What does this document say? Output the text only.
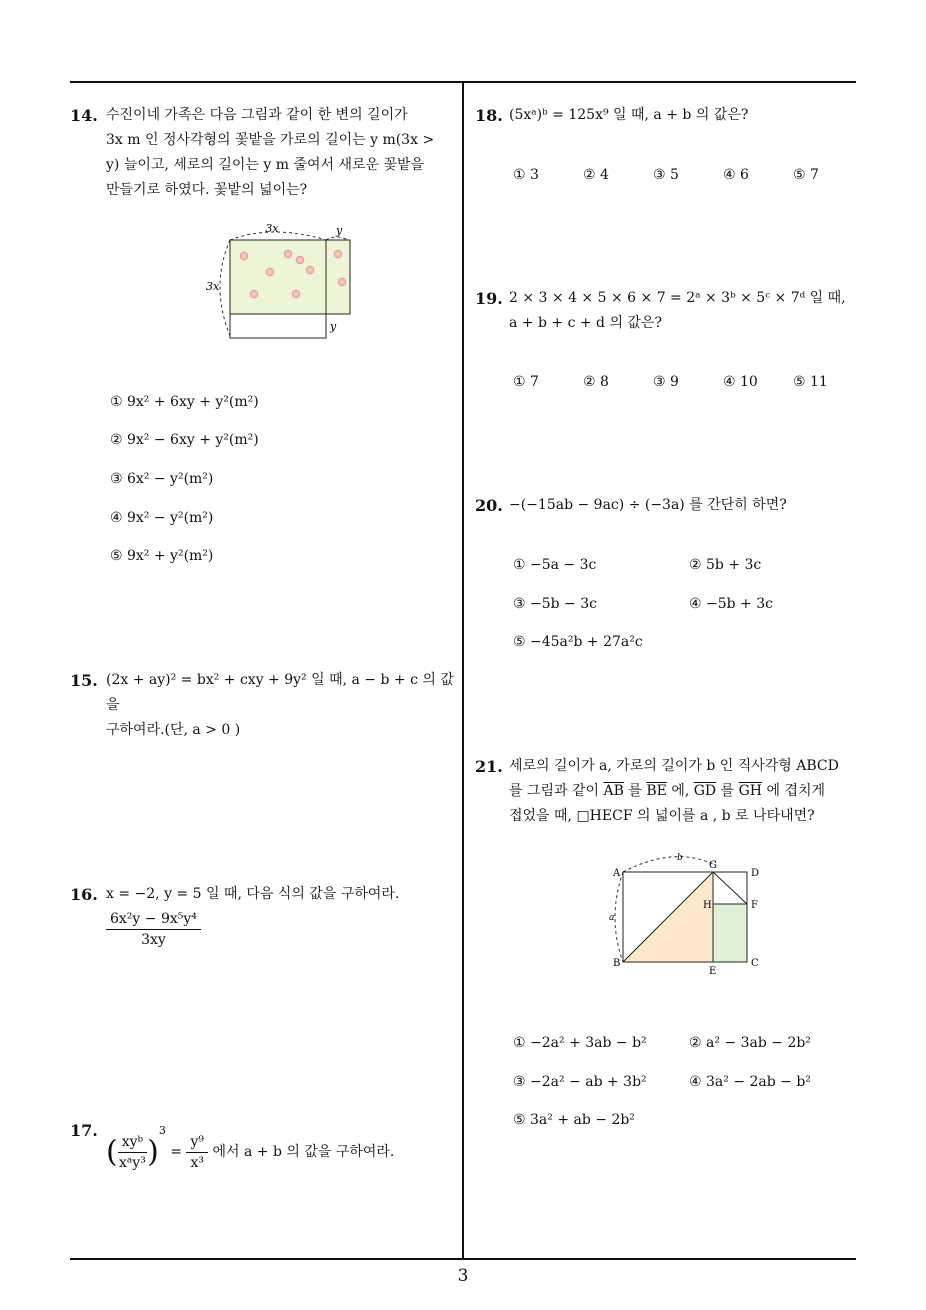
14. 수진이네 가족은 다음 그림과 같이 한 변의 길이가
3x m 인 정사각형의 꽃밭을 가로의 길이는 y m(3x >
y) 늘이고, 세로의 길이는 y m 줄여서 새로운 꽃밭을
만들기로 하였다. 꽃밭의 넓이는?
3x	y
3x
y
① 9x² + 6xy + y²(m²)
② 9x² − 6xy + y²(m²)
③ 6x² − y²(m²)
④ 9x² − y²(m²)
⑤ 9x² + y²(m²)
15. (2x + ay)² = bx² + cxy + 9y² 일 때, a − b + c 의 값을
구하여라.(단, a > 0 )
16. x = −2, y = 5 일 때, 다음 식의 값을 구하여라.
$\frac{\text{6x²y − 9x⁵y⁴}}{3xy}$
17.
( $\frac{\text{xyᵇ}}{\text{xᵃy³}} )^3 = \frac{\text{y⁹}}{\text{x³}}$ 에서 a + b 의 값을 구하여라.
18. (5xᵃ)ᵇ = 125x⁹ 일 때, a + b 의 값은?
① 3	② 4	③ 5	④ 6	⑤ 7
19. 2 × 3 × 4 × 5 × 6 × 7 = 2ᵃ × 3ᵇ × 5ᶜ × 7ᵈ 일 때,
a + b + c + d 의 값은?
① 7	② 8	③ 9	④ 10	⑤ 11
20. −(−15ab − 9ac) ÷ (−3a) 를 간단히 하면?
① −5a − 3c	② 5b + 3c
③ −5b − 3c	④ −5b + 3c
⑤ −45a²b + 27a²c
21. 세로의 길이가 a, 가로의 길이가 b 인 직사각형 ABCD
를 그림과 같이 $\overline{AB}$ 를 $\overline{BE}$ 에, $\overline{GD}$ 를 $\overline{GH}$ 에 겹치게
접었을 때, □HECF 의 넓이를 a , b 로 나타내면?
A
B	C
D
E
F
G
H
a
b
① −2a² + 3ab − b²	② a² − 3ab − 2b²
③ −2a² − ab + 3b²	④ 3a² − 2ab − b²
⑤ 3a² + ab − 2b²
3
